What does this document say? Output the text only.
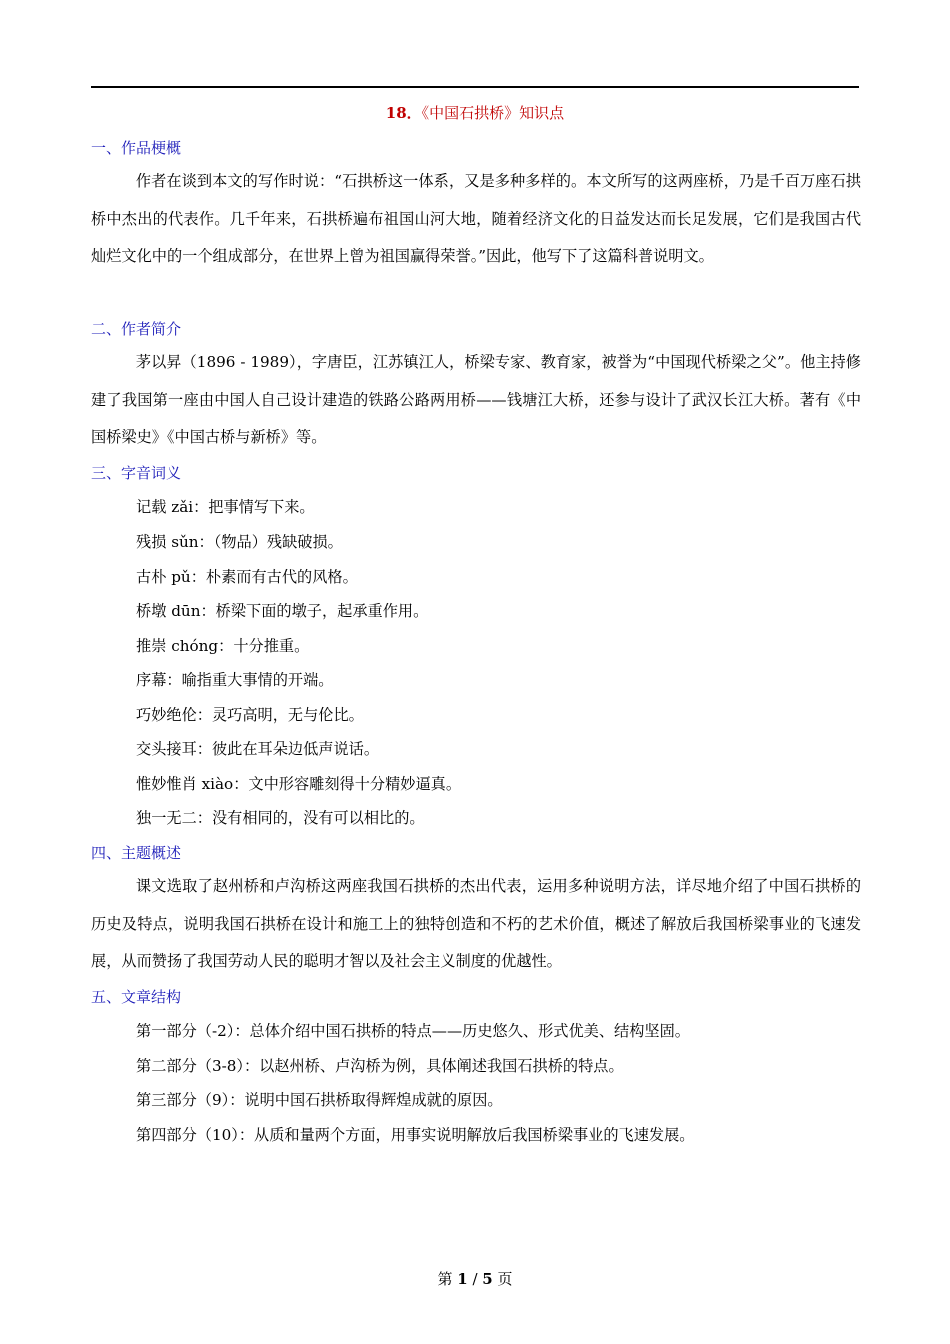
18．《中国石拱桥》知识点
一、作品梗概
作者在谈到本文的写作时说：“石拱桥这一体系，又是多种多样的。本文所写的这两座桥，乃是千百万座石拱桥中杰出的代表作。几千年来，石拱桥遍布祖国山河大地，随着经济文化的日益发达而长足发展，它们是我国古代灿烂文化中的一个组成部分，在世界上曾为祖国赢得荣誉。”因此，他写下了这篇科普说明文。
二、作者简介
茅以昇（1896 - 1989），字唐臣，江苏镇江人，桥梁专家、教育家，被誉为“中国现代桥梁之父”。他主持修建了我国第一座由中国人自己设计建造的铁路公路两用桥——钱塘江大桥，还参与设计了武汉长江大桥。著有《中国桥梁史》《中国古桥与新桥》等。
三、字音词义
记载 zǎi：把事情写下来。
残损 sǔn：（物品）残缺破损。
古朴 pǔ：朴素而有古代的风格。
桥墩 dūn：桥梁下面的墩子，起承重作用。
推崇 chóng：十分推重。
序幕：喻指重大事情的开端。
巧妙绝伦：灵巧高明，无与伦比。
交头接耳：彼此在耳朵边低声说话。
惟妙惟肖 xiào：文中形容雕刻得十分精妙逼真。
独一无二：没有相同的，没有可以相比的。
四、主题概述
课文选取了赵州桥和卢沟桥这两座我国石拱桥的杰出代表，运用多种说明方法，详尽地介绍了中国石拱桥的历史及特点，说明我国石拱桥在设计和施工上的独特创造和不朽的艺术价值，概述了解放后我国桥梁事业的飞速发展，从而赞扬了我国劳动人民的聪明才智以及社会主义制度的优越性。
五、文章结构
第一部分（-2）：总体介绍中国石拱桥的特点——历史悠久、形式优美、结构坚固。
第二部分（3-8）：以赵州桥、卢沟桥为例，具体阐述我国石拱桥的特点。
第三部分（9）：说明中国石拱桥取得辉煌成就的原因。
第四部分（10）：从质和量两个方面，用事实说明解放后我国桥梁事业的飞速发展。
第 1 / 5 页
